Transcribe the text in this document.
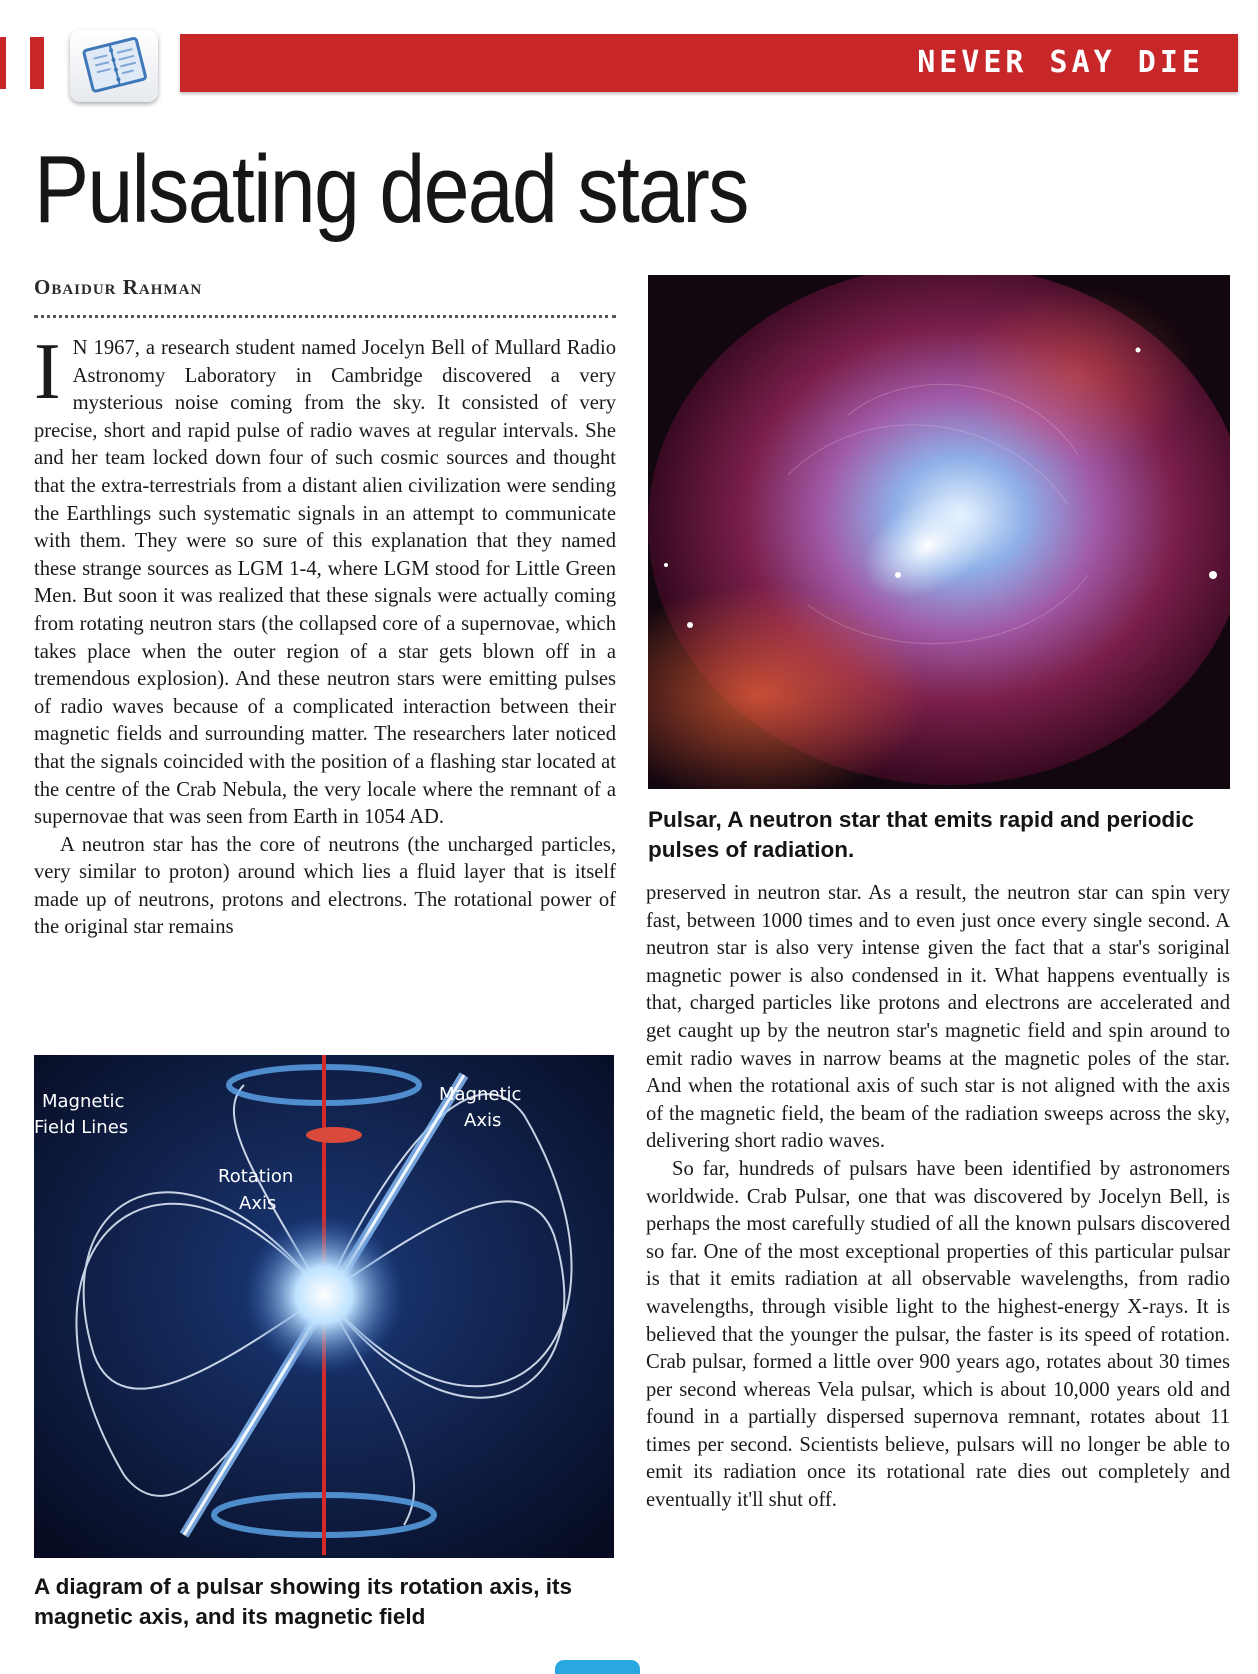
NEVER SAY DIE
Pulsating dead stars
Obaidur Rahman

I N 1967, a research student named Jocelyn Bell of Mullard Radio Astronomy Laboratory in Cambridge discovered a very mysterious noise coming from the sky. It consisted of very precise, short and rapid pulse of radio waves at regular intervals. She and her team locked down four of such cosmic sources and thought that the extra-terrestrials from a distant alien civilization were sending the Earthlings such systematic signals in an attempt to communicate with them. They were so sure of this explanation that they named these strange sources as LGM 1-4, where LGM stood for Little Green Men. But soon it was realized that these signals were actually coming from rotating neutron stars (the collapsed core of a supernovae, which takes place when the outer region of a star gets blown off in a tremendous explosion). And these neutron stars were emitting pulses of radio waves because of a complicated interaction between their magnetic fields and surrounding matter. The researchers later noticed that the signals coincided with the position of a flashing star located at the centre of the Crab Nebula, the very locale where the remnant of a supernovae that was seen from Earth in 1054 AD.

A neutron star has the core of neutrons (the uncharged particles, very similar to proton) around which lies a fluid layer that is itself made up of neutrons, protons and electrons. The rotational power of the original star remains

Pulsar, A neutron star that emits rapid and periodic pulses of radiation.

preserved in neutron star. As a result, the neutron star can spin very fast, between 1000 times and to even just once every single second. A neutron star is also very intense given the fact that a star's soriginal magnetic power is also condensed in it. What happens eventually is that, charged particles like protons and electrons are accelerated and get caught up by the neutron star's magnetic field and spin around to emit radio waves in narrow beams at the magnetic poles of the star. And when the rotational axis of such star is not aligned with the axis of the magnetic field, the beam of the radiation sweeps across the sky, delivering short radio waves.

So far, hundreds of pulsars have been identified by astronomers worldwide. Crab Pulsar, one that was discovered by Jocelyn Bell, is perhaps the most carefully studied of all the known pulsars discovered so far. One of the most exceptional properties of this particular pulsar is that it emits radiation at all observable wavelengths, from radio wavelengths, through visible light to the highest-energy X-rays. It is believed that the younger the pulsar, the faster is its speed of rotation. Crab pulsar, formed a little over 900 years ago, rotates about 30 times per second whereas Vela pulsar, which is about 10,000 years old and found in a partially dispersed supernova remnant, rotates about 11 times per second. Scientists believe, pulsars will no longer be able to emit its radiation once its rotational rate dies out completely and eventually it'll shut off.

Magnetic
Field Lines
Magnetic
Axis
Rotation
Axis
A diagram of a pulsar showing its rotation axis, its magnetic axis, and its magnetic field
